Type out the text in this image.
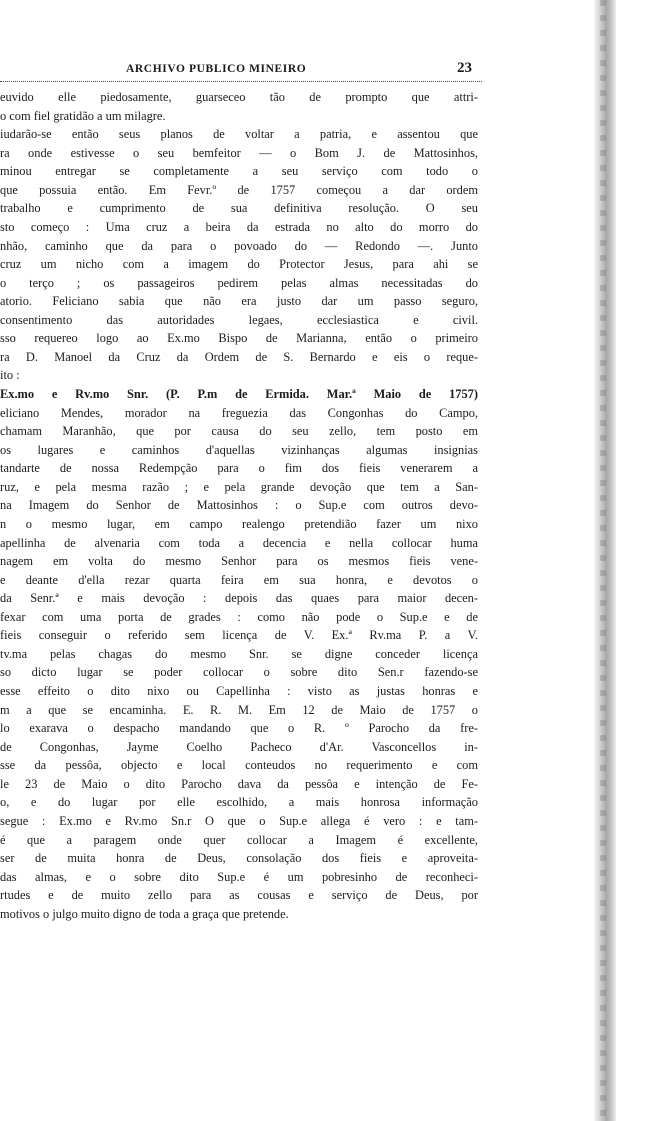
ARCHIVO PUBLICO MINEIRO	23
euvido elle piedosamente, guarseceo tão de prompto que attri-
o com fiel gratidão a um milagre.
iudarão-se então seus planos de voltar a patria, e assentou que
ra onde estivesse o seu bemfeitor — o Bom J. de Mattosinhos,
minou entregar se completamente a seu serviço com todo o
que possuia então. Em Fevr.º de 1757 começou a dar ordem
trabalho e cumprimento de sua definitiva resolução. O seu
sto começo : Uma cruz a beira da estrada no alto do morro do
nhão, caminho que da para o povoado do — Redondo —. Junto
cruz um nicho com a imagem do Protector Jesus, para ahi se
o terço ; os passageiros pedirem pelas almas necessitadas do
atorio. Feliciano sabia que não era justo dar um passo seguro,
consentimento das autoridades legaes, ecclesiastica e civil.
sso requereo logo ao Ex.mo Bispo de Marianna, então o primeiro
ra D. Manoel da Cruz da Ordem de S. Bernardo e eis o reque-
ito :
Ex.mo e Rv.mo Snr. (P. P.m de Ermida. Mar.ª Maio de 1757)
eliciano Mendes, morador na freguezia das Congonhas do Campo,
chamam Maranhão, que por causa do seu zello, tem posto em
os lugares e caminhos d'aquellas vizinhanças algumas insignias
tandarte de nossa Redempção para o fim dos fieis venerarem a
ruz, e pela mesma razão ; e pela grande devoção que tem a San-
na Imagem do Senhor de Mattosinhos : o Sup.e com outros devo-
n o mesmo lugar, em campo realengo pretendião fazer um nixo
apellinha de alvenaria com toda a decencia e nella collocar huma
nagem em volta do mesmo Senhor para os mesmos fieis vene-
e deante d'ella rezar quarta feira em sua honra, e devotos o
da Senr.ª e mais devoção : depois das quaes para maior decen-
fexar com uma porta de grades : como não pode o Sup.e e de
fieis conseguir o referido sem licença de V. Ex.ª Rv.ma P. a V.
tv.ma pelas chagas do mesmo Snr. se digne conceder licença
so dicto lugar se poder collocar o sobre dito Sen.r fazendo-se
esse effeito o dito nixo ou Capellinha : visto as justas honras e
m a que se encaminha. E. R. M. Em 12 de Maio de 1757 o
lo exarava o despacho mandando que o R. º Parocho da fre-
de Congonhas, Jayme Coelho Pacheco d'Ar. Vasconcellos in-
sse da pessôa, objecto e local conteudos no requerimento e com
le 23 de Maio o dito Parocho dava da pessôa e intenção de Fe-
o, e do lugar por elle escolhido, a mais honrosa informação
segue : Ex.mo e Rv.mo Sn.r O que o Sup.e allega é vero : e tam-
é que a paragem onde quer collocar a Imagem é excellente,
ser de muita honra de Deus, consolação dos fieis e aproveita-
das almas, e o sobre dito Sup.e é um pobresinho de reconheci-
rtudes e de muito zello para as cousas e serviço de Deus, por
motivos o julgo muito digno de toda a graça que pretende.
